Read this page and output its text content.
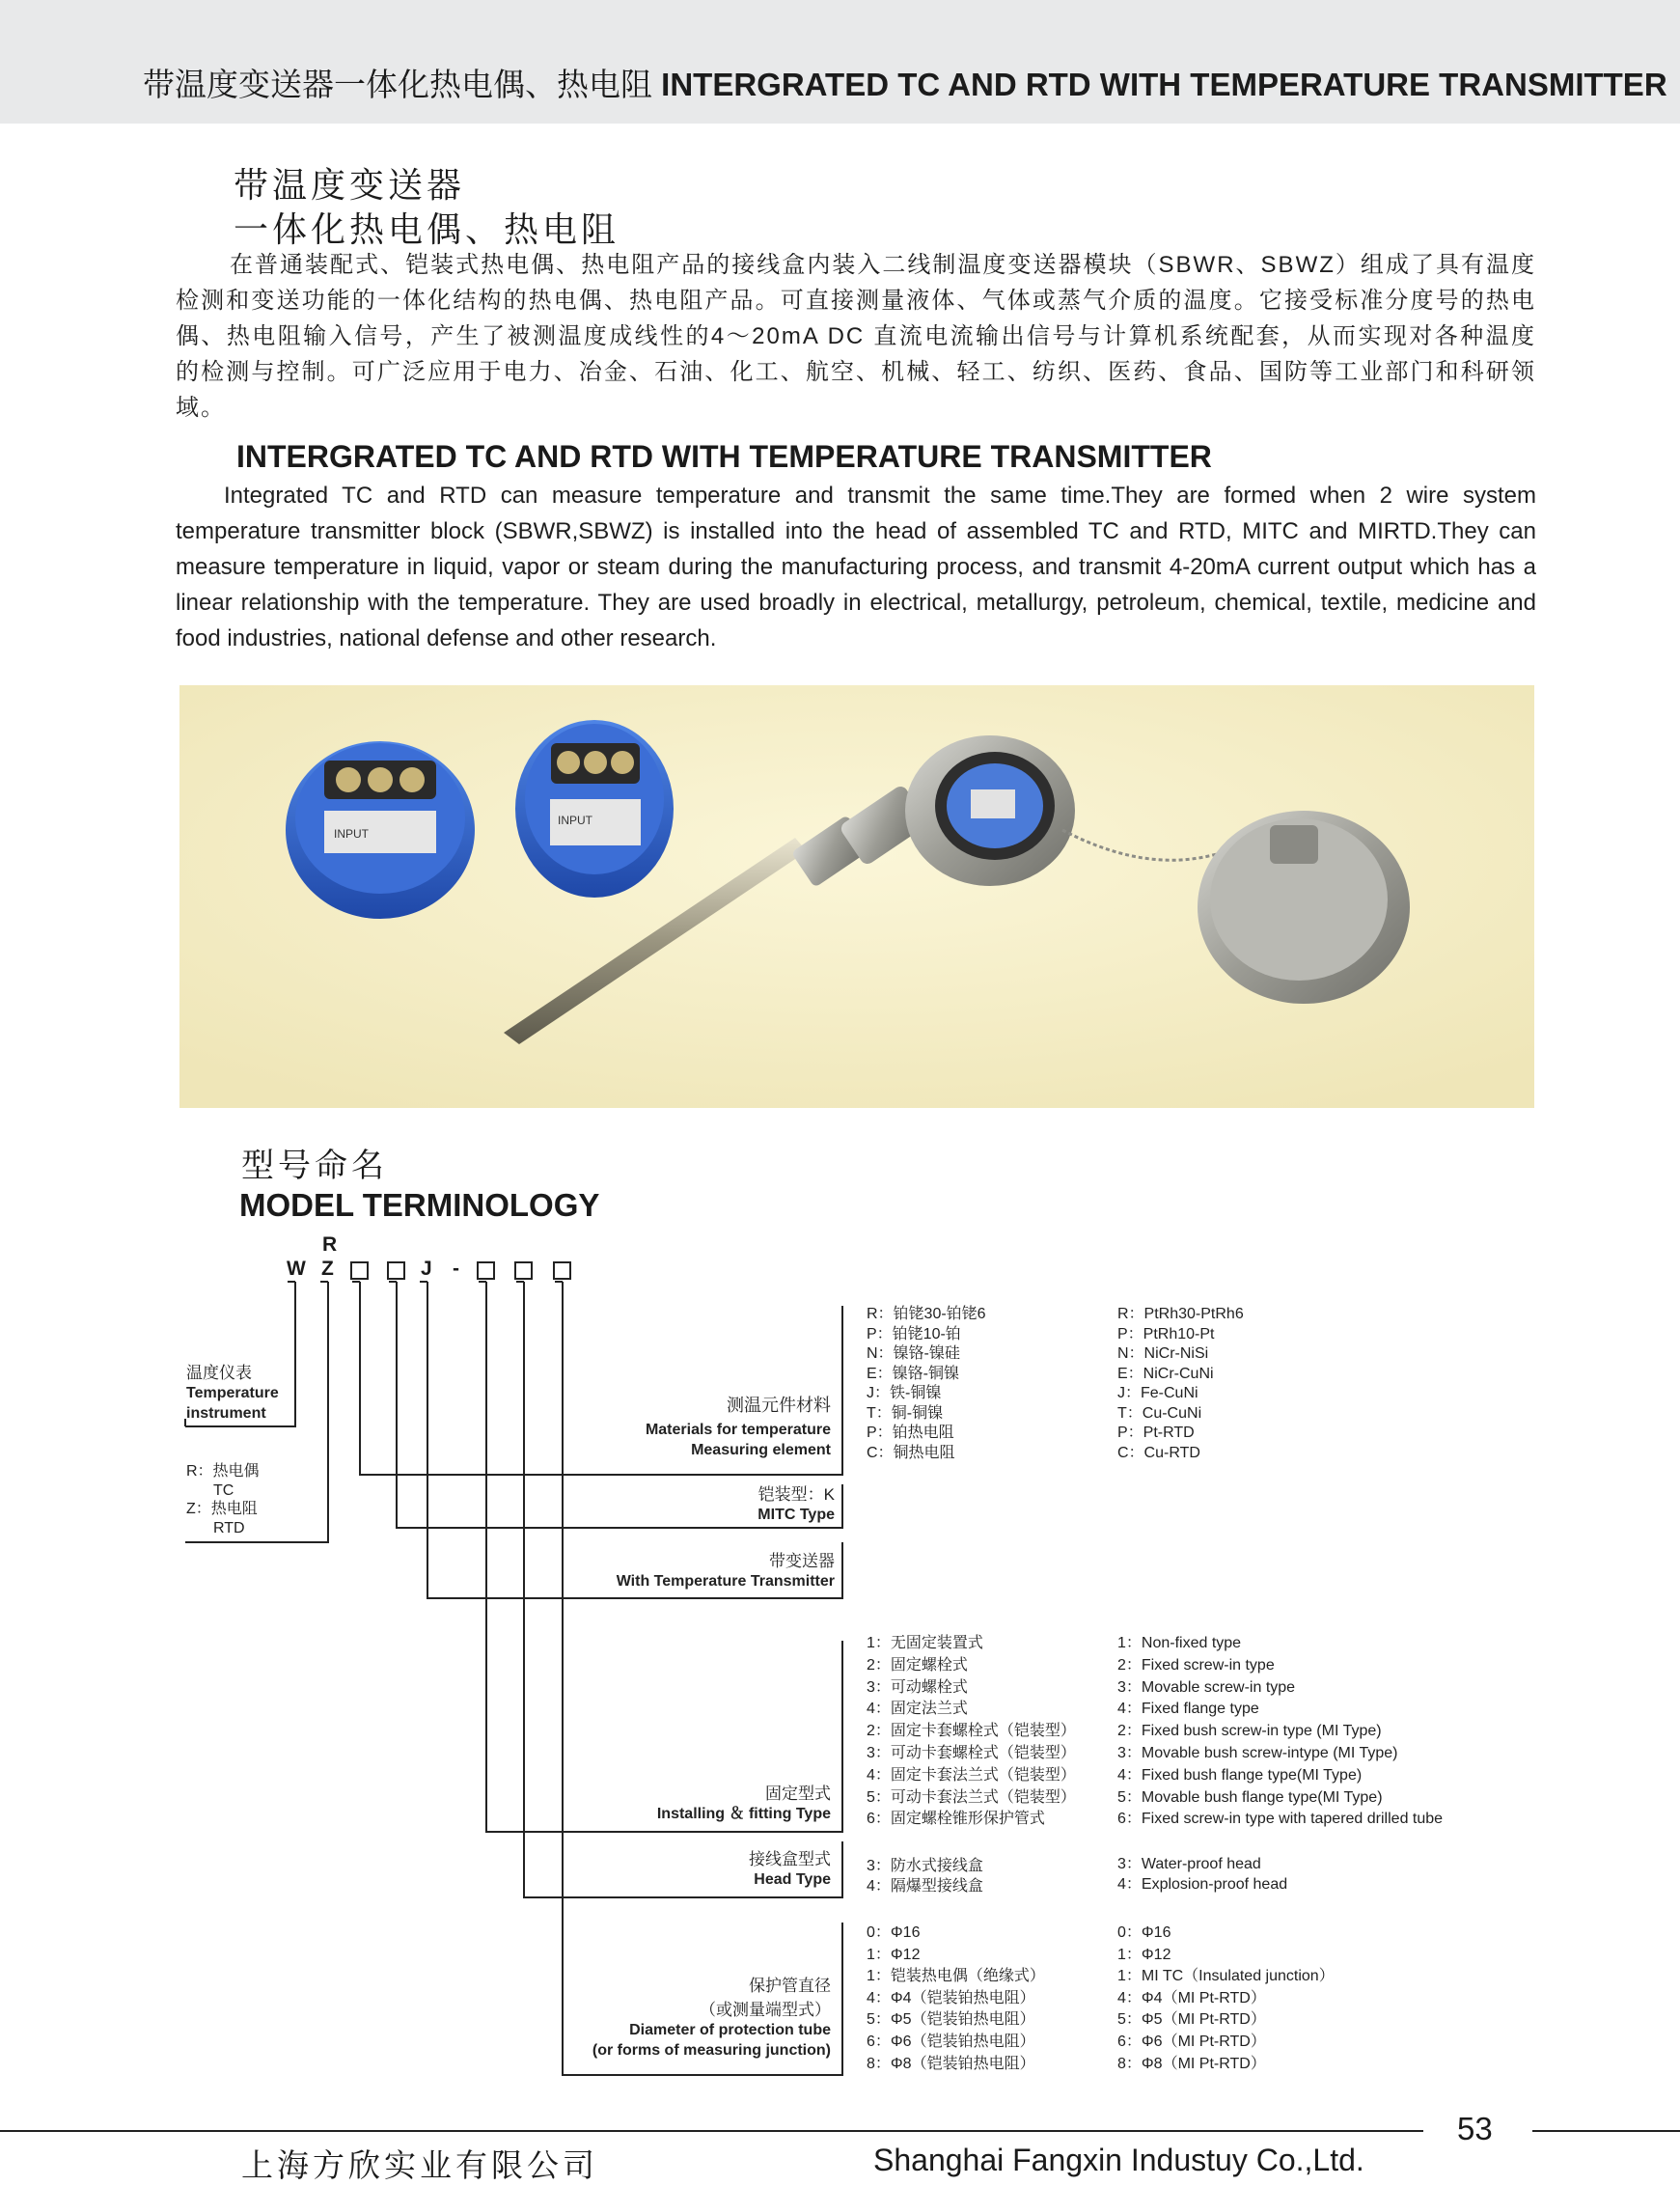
带温度变送器一体化热电偶、热电阻 INTERGRATED TC AND RTD WITH TEMPERATURE TRANSMITTER
带温度变送器
一体化热电偶、热电阻

在普通装配式、铠装式热电偶、热电阻产品的接线盒内装入二线制温度变送器模块（SBWR、SBWZ）组成了具有温度检测和变送功能的一体化结构的热电偶、热电阻产品。可直接测量液体、气体或蒸气介质的温度。它接受标准分度号的热电偶、热电阻输入信号，产生了被测温度成线性的4～20mA DC 直流电流输出信号与计算机系统配套，从而实现对各种温度的检测与控制。可广泛应用于电力、冶金、石油、化工、航空、机械、轻工、纺织、医药、食品、国防等工业部门和科研领域。

INTERGRATED TC AND RTD WITH TEMPERATURE TRANSMITTER

Integrated TC and RTD can measure temperature and transmit the same time.They are formed when 2 wire system temperature transmitter block (SBWR,SBWZ) is installed into the head of assembled TC and RTD, MITC and MIRTD.They can measure temperature in liquid, vapor or steam during the manufacturing process, and transmit 4-20mA current output which has a linear relationship with the temperature. They are used broadly in electrical, metallurgy, petroleum, chemical, textile, medicine and food industries, national defense and other research.

INPUT
INPUT
型号命名
MODEL TERMINOLOGY
R
W Z	J -
温度仪表
Temperature
instrument
R：热电偶
TC
Z：热电阻
RTD
测温元件材料
Materials for temperature
Measuring element
R：铂铑30-铂铑6
P：铂铑10-铂
N：镍铬-镍硅
E：镍铬-铜镍
J：铁-铜镍
T：铜-铜镍
P：铂热电阻
C：铜热电阻
R：PtRh30-PtRh6
P：PtRh10-Pt
N：NiCr-NiSi
E：NiCr-CuNi
J：Fe-CuNi
T：Cu-CuNi
P：Pt-RTD
C：Cu-RTD
铠装型：K
MITC Type
带变送器
With Temperature Transmitter
固定型式
Installing ＆ fitting Type
1：无固定装置式
2：固定螺栓式
3：可动螺栓式
4：固定法兰式
2：固定卡套螺栓式（铠装型）
3：可动卡套螺栓式（铠装型）
4：固定卡套法兰式（铠装型）
5：可动卡套法兰式（铠装型）
6：固定螺栓锥形保护管式
1：Non-fixed type
2：Fixed screw-in type
3：Movable screw-in type
4：Fixed flange type
2：Fixed bush screw-in type (MI Type)
3：Movable bush screw-intype (MI Type)
4：Fixed bush flange type(MI Type)
5：Movable bush flange type(MI Type)
6：Fixed screw-in type with tapered drilled tube
接线盒型式
Head Type
3：防水式接线盒
4：隔爆型接线盒
3：Water-proof head
4：Explosion-proof head
保护管直径
（或测量端型式）
Diameter of protection tube
(or forms of measuring junction)
0：Φ16
1：Φ12
1：铠装热电偶（绝缘式）
4：Φ4（铠装铂热电阻）
5：Φ5（铠装铂热电阻）
6：Φ6（铠装铂热电阻）
8：Φ8（铠装铂热电阻）
0：Φ16
1：Φ12
1：MI TC（Insulated junction）
4：Φ4（MI Pt-RTD）
5：Φ5（MI Pt-RTD）
6：Φ6（MI Pt-RTD）
8：Φ8（MI Pt-RTD）
53
上海方欣实业有限公司	Shanghai Fangxin Industuy Co.,Ltd.
